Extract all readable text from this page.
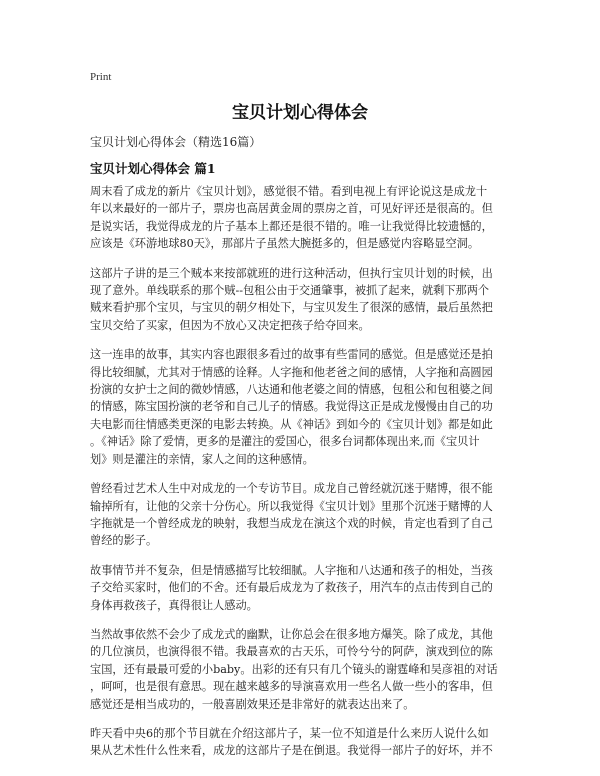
Print
宝贝计划心得体会
宝贝计划心得体会（精选16篇）
宝贝计划心得体会 篇1

周末看了成龙的新片《宝贝计划》，感觉很不错。看到电视上有评论说这是成龙十
年以来最好的一部片子，票房也高居黄金周的票房之首，可见好评还是很高的。但
是说实话，我觉得成龙的片子基本上都还是很不错的。唯一让我觉得比较遗憾的，
应该是《环游地球80天》，那部片子虽然大腕挺多的，但是感觉内容略显空洞。

这部片子讲的是三个贼本来按部就班的进行这种活动，但执行宝贝计划的时候，出
现了意外。单线联系的那个贼--包租公由于交通肇事，被抓了起来，就剩下那两个
贼来看护那个宝贝，与宝贝的朝夕相处下，与宝贝发生了很深的感情，最后虽然把
宝贝交给了买家，但因为不放心又决定把孩子给夺回来。

这一连串的故事，其实内容也跟很多看过的故事有些雷同的感觉。但是感觉还是拍
得比较细腻，尤其对于情感的诠释。人字拖和他老爸之间的感情，人字拖和高圆园
扮演的女护士之间的微妙情感，八达通和他老婆之间的情感，包租公和包租婆之间
的情感，陈宝国扮演的老爷和自己儿子的情感。我觉得这正是成龙慢慢由自己的功
夫电影而往情感类更深的电影去转换。从《神话》到如今的《宝贝计划》都是如此
。《神话》除了爱情，更多的是灌注的爱国心，很多台词都体现出来,而《宝贝计
划》则是灌注的亲情，家人之间的这种感情。

曾经看过艺术人生中对成龙的一个专访节目。成龙自己曾经就沉迷于赌博，很不能
输掉所有，让他的父亲十分伤心。所以我觉得《宝贝计划》里那个沉迷于赌博的人
字拖就是一个曾经成龙的映射，我想当成龙在演这个戏的时候，肯定也看到了自己
曾经的影子。

故事情节并不复杂，但是情感描写比较细腻。人字拖和八达通和孩子的相处，当孩
子交给买家时，他们的不舍。还有最后成龙为了救孩子，用汽车的点击传到自己的
身体再救孩子，真得很让人感动。

当然故事依然不会少了成龙式的幽默，让你总会在很多地方爆笑。除了成龙，其他
的几位演员，也演得很不错。我最喜欢的古天乐，可怜兮兮的阿萨，演戏到位的陈
宝国，还有最最可爱的小baby。出彩的还有只有几个镜头的谢霆峰和吴彦祖的对话
，呵呵，也是很有意思。现在越来越多的导演喜欢用一些名人做一些小的客串，但
感觉还是相当成功的，一般喜剧效果还是非常好的就表达出来了。

昨天看中央6的那个节目就在介绍这部片子，某一位不知道是什么来历人说什么如
果从艺术性什么性来看，成龙的这部片子是在倒退。我觉得一部片子的好坏，并不
